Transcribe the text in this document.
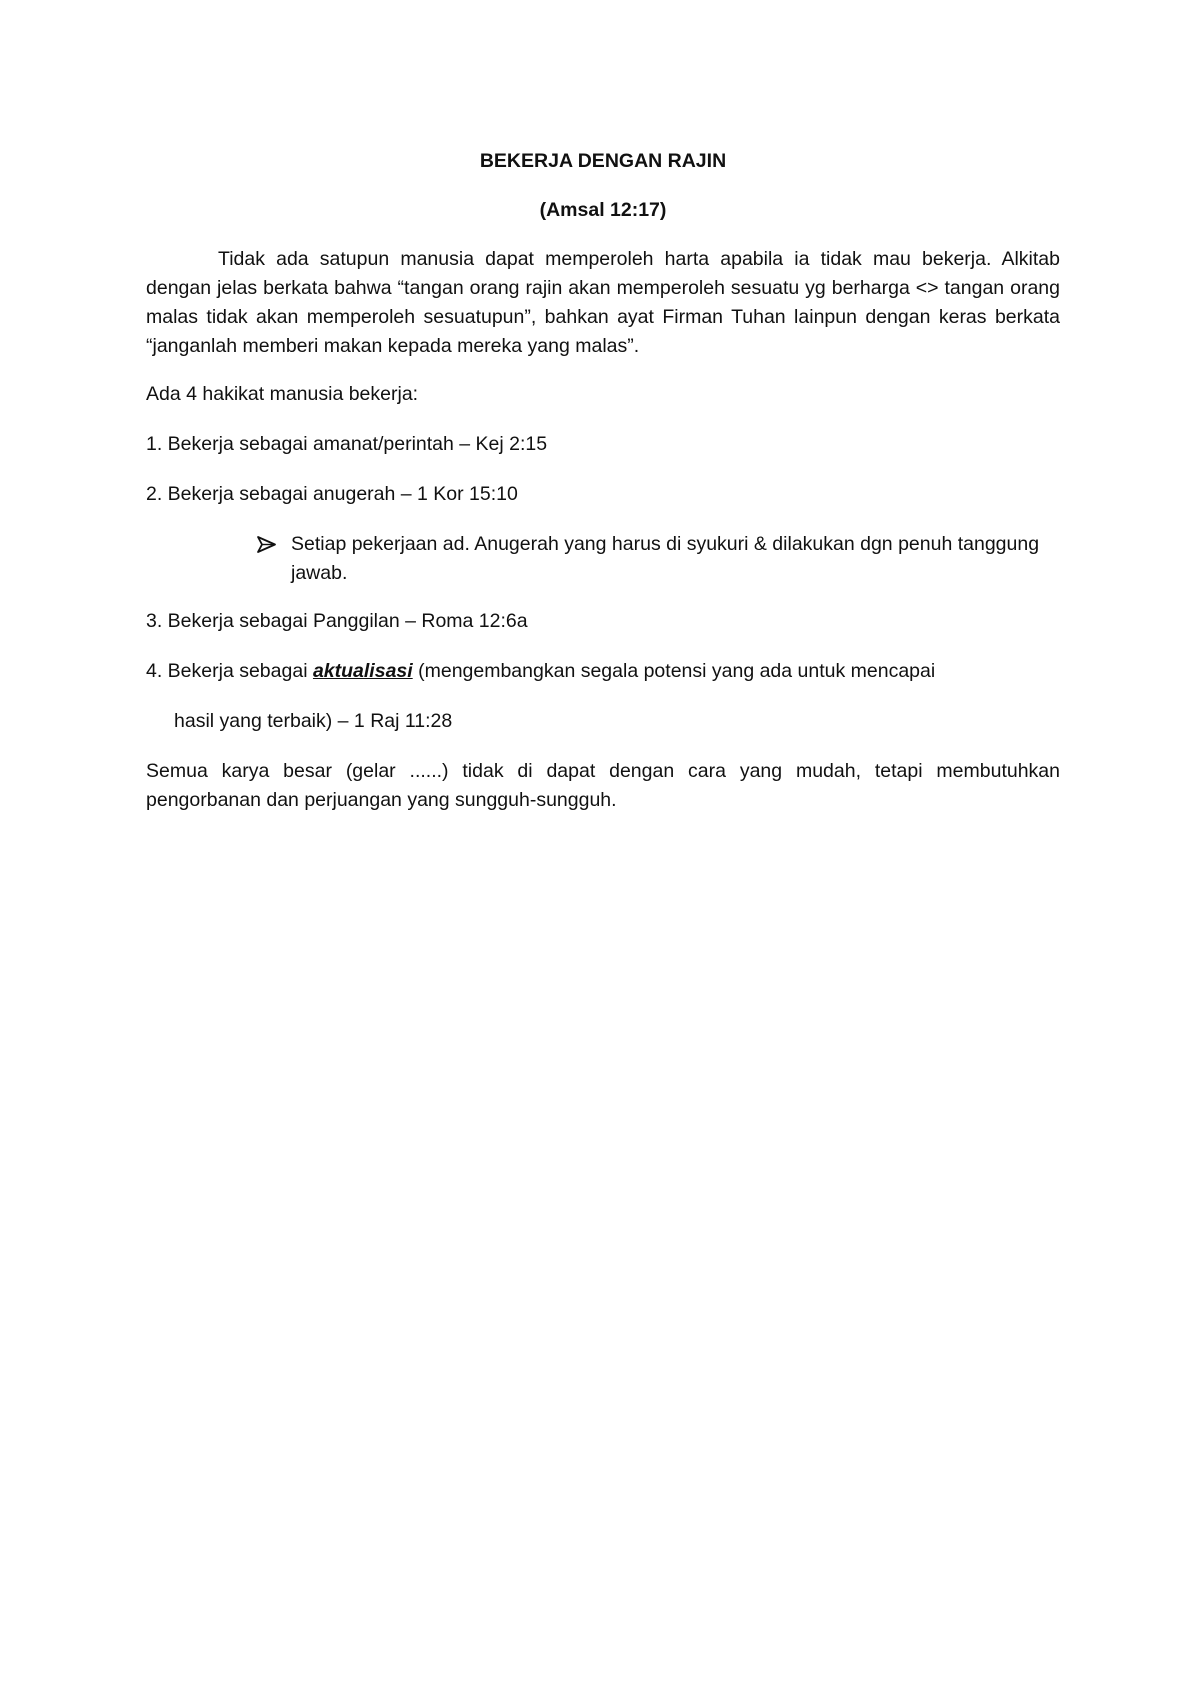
BEKERJA DENGAN RAJIN
(Amsal 12:17)

Tidak ada satupun manusia dapat memperoleh harta apabila ia tidak mau bekerja. Alkitab dengan jelas berkata bahwa “tangan orang rajin akan memperoleh sesuatu yg berharga <> tangan orang malas tidak akan memperoleh sesuatupun”, bahkan ayat Firman Tuhan lainpun dengan keras berkata “janganlah memberi makan kepada mereka yang malas”.

Ada 4 hakikat manusia bekerja:

1. Bekerja sebagai amanat/perintah – Kej 2:15

2. Bekerja sebagai anugerah – 1 Kor 15:10

Setiap pekerjaan ad. Anugerah yang harus di syukuri & dilakukan dgn penuh tanggung jawab.

3. Bekerja sebagai Panggilan – Roma 12:6a

4. Bekerja sebagai aktualisasi (mengembangkan segala potensi yang ada untuk mencapai

hasil yang terbaik) – 1 Raj 11:28

Semua karya besar (gelar ......) tidak di dapat dengan cara yang mudah, tetapi membutuhkan pengorbanan dan perjuangan yang sungguh-sungguh.
